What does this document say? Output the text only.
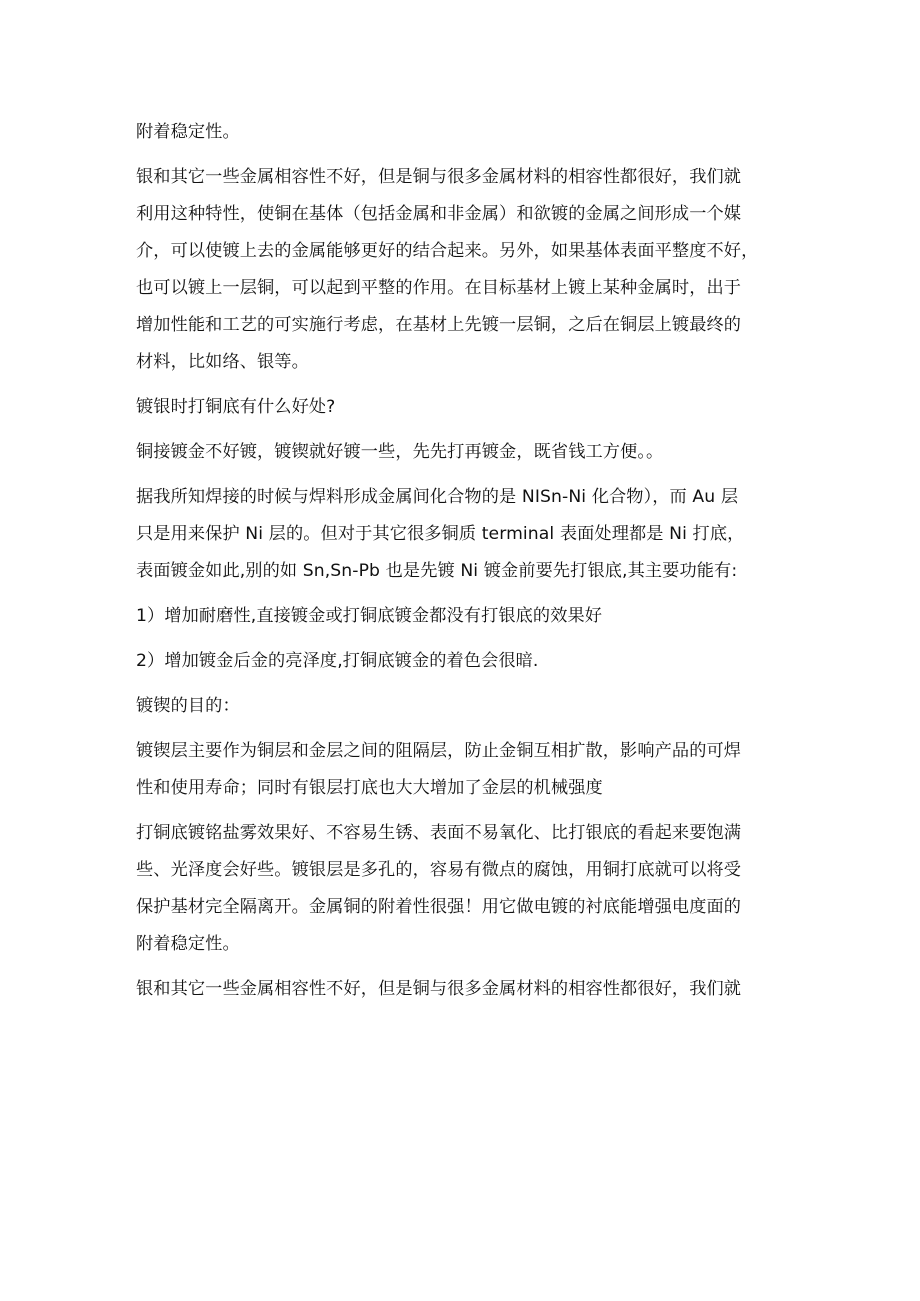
附着稳定性。

银和其它一些金属相容性不好，但是铜与很多金属材料的相容性都很好，我们就
利用这种特性，使铜在基体（包括金属和非金属）和欲镀的金属之间形成一个媒
介，可以使镀上去的金属能够更好的结合起来。另外，如果基体表面平整度不好，
也可以镀上一层铜，可以起到平整的作用。在目标基材上镀上某种金属时，出于
增加性能和工艺的可实施行考虑，在基材上先镀一层铜，之后在铜层上镀最终的
材料，比如络、银等。

镀银时打铜底有什么好处?

铜接镀金不好镀，镀锲就好镀一些，先先打再镀金，既省钱工方便。。

据我所知焊接的时候与焊料形成金属间化合物的是 NISn-Ni 化合物），而 Au 层
只是用来保护 Ni 层的。但对于其它很多铜质 terminal 表面处理都是 Ni 打底，
表面镀金如此,别的如 Sn,Sn-Pb 也是先镀 Ni 镀金前要先打银底,其主要功能有:

1）增加耐磨性,直接镀金或打铜底镀金都没有打银底的效果好

2）增加镀金后金的亮泽度,打铜底镀金的着色会很暗.

镀锲的目的：

镀锲层主要作为铜层和金层之间的阻隔层，防止金铜互相扩散，影响产品的可焊
性和使用寿命；同时有银层打底也大大增加了金层的机械强度

打铜底镀铭盐雾效果好、不容易生锈、表面不易氧化、比打银底的看起来要饱满
些、光泽度会好些。镀银层是多孔的，容易有微点的腐蚀，用铜打底就可以将受
保护基材完全隔离开。金属铜的附着性很强！用它做电镀的衬底能增强电度面的
附着稳定性。

银和其它一些金属相容性不好，但是铜与很多金属材料的相容性都很好，我们就
